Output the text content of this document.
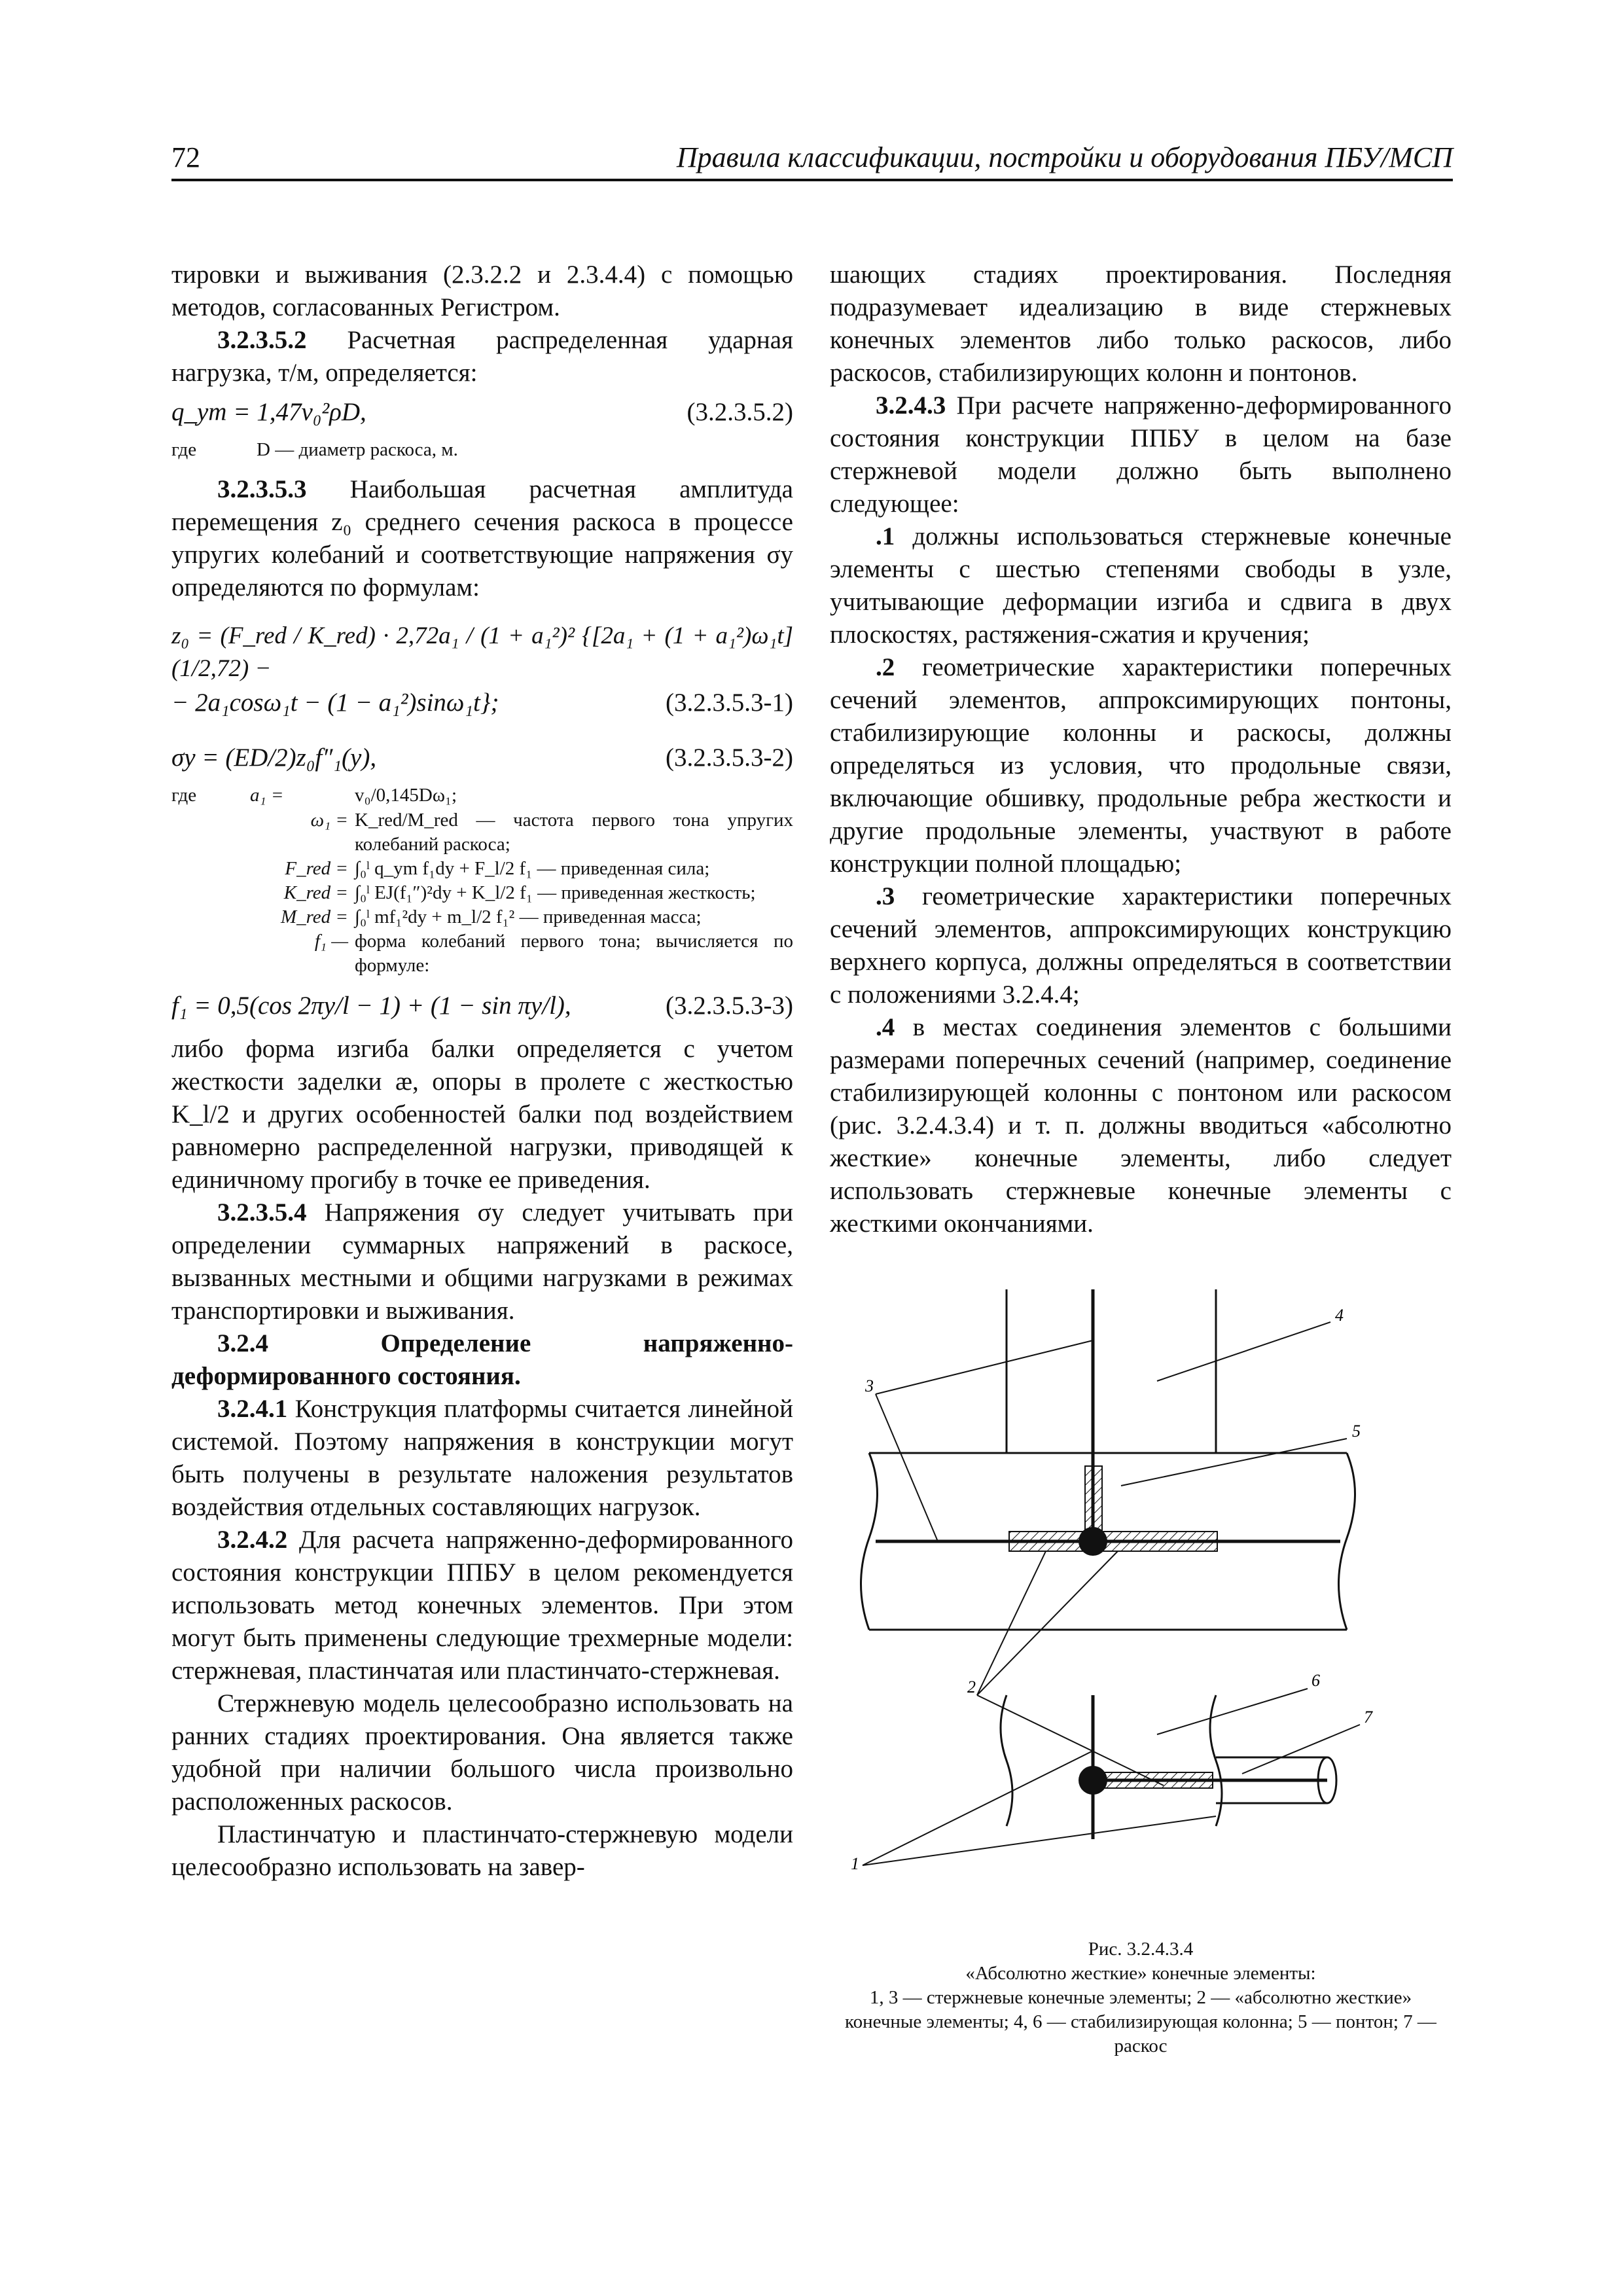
72	Правила классификации, постройки и оборудования ПБУ/МСП

тировки и выживания (2.3.2.2 и 2.3.4.4) с помощью методов, согласованных Регистром.

3.2.3.5.2 Расчетная распределенная ударная нагрузка, т/м, определяется:

q_ym = 1,47v₀²ρD,	(3.2.3.5.2)
где	D — диаметр раскоса, м.

3.2.3.5.3 Наибольшая расчетная амплитуда перемещения z₀ среднего сечения раскоса в процессе упругих колебаний и соответствующие напряжения σy определяются по формулам:

z₀ = (F_red / K_red) · 2,72a₁ / (1 + a₁²)² {[2a₁ + (1 + a₁²)ω₁t](1/2,72) −
− 2a₁cosω₁t − (1 − a₁²)sinω₁t};	(3.2.3.5.3-1)
σy = (ED/2)z₀f″₁(y),	(3.2.3.5.3-2)
где	a₁ =	v₀/0,145Dω₁;
ω₁ = K_red/M_red — частота первого тона упругих колебаний раскоса;
F_red = ∫₀ˡ q_ym f₁dy + F_l/2 f₁ — приведенная сила;
K_red = ∫₀ˡ EJ(f₁″)²dy + K_l/2 f₁ — приведенная жесткость;
M_red = ∫₀ˡ mf₁²dy + m_l/2 f₁² — приведенная масса;
f₁ — форма колебаний первого тона; вычисляется по формуле:
f₁ = 0,5(cos 2πy/l − 1) + (1 − sin πy/l),	(3.2.3.5.3-3)

либо форма изгиба балки определяется с учетом жесткости заделки æ, опоры в пролете с жесткостью K_l/2 и других особенностей балки под воздействием равномерно распределенной нагрузки, приводящей к единичному прогибу в точке ее приведения.

3.2.3.5.4 Напряжения σy следует учитывать при определении суммарных напряжений в раскосе, вызванных местными и общими нагрузками в режимах транспортировки и выживания.

3.2.4 Определение напряженно-деформированного состояния.

3.2.4.1 Конструкция платформы считается линейной системой. Поэтому напряжения в конструкции могут быть получены в результате наложения результатов воздействия отдельных составляющих нагрузок.

3.2.4.2 Для расчета напряженно-деформированного состояния конструкции ППБУ в целом рекомендуется использовать метод конечных элементов. При этом могут быть применены следующие трехмерные модели: стержневая, пластинчатая или пластинчато-стержневая.

Стержневую модель целесообразно использовать на ранних стадиях проектирования. Она является также удобной при наличии большого числа произвольно расположенных раскосов.

Пластинчатую и пластинчато-стержневую модели целесообразно использовать на завер-

шающих стадиях проектирования. Последняя подразумевает идеализацию в виде стержневых конечных элементов либо только раскосов, либо раскосов, стабилизирующих колонн и понтонов.

3.2.4.3 При расчете напряженно-деформированного состояния конструкции ППБУ в целом на базе стержневой модели должно быть выполнено следующее:

.1 должны использоваться стержневые конечные элементы с шестью степенями свободы в узле, учитывающие деформации изгиба и сдвига в двух плоскостях, растяжения-сжатия и кручения;

.2 геометрические характеристики поперечных сечений элементов, аппроксимирующих понтоны, стабилизирующие колонны и раскосы, должны определяться из условия, что продольные связи, включающие обшивку, продольные ребра жесткости и другие продольные элементы, участвуют в работе конструкции полной площадью;

.3 геометрические характеристики поперечных сечений элементов, аппроксимирующих конструкцию верхнего корпуса, должны определяться в соответствии с положениями 3.2.4.4;

.4 в местах соединения элементов с большими размерами поперечных сечений (например, соединение стабилизирующей колонны с понтоном или раскосом (рис. 3.2.4.3.4) и т. п. должны вводиться «абсолютно жесткие» конечные элементы, либо следует использовать стержневые конечные элементы с жесткими окончаниями.

4
5
3
2	6
7
1
Рис. 3.2.4.3.4
«Абсолютно жесткие» конечные элементы:
1, 3 — стержневые конечные элементы; 2 — «абсолютно жесткие» конечные элементы; 4, 6 — стабилизирующая колонна; 5 — понтон; 7 — раскос
